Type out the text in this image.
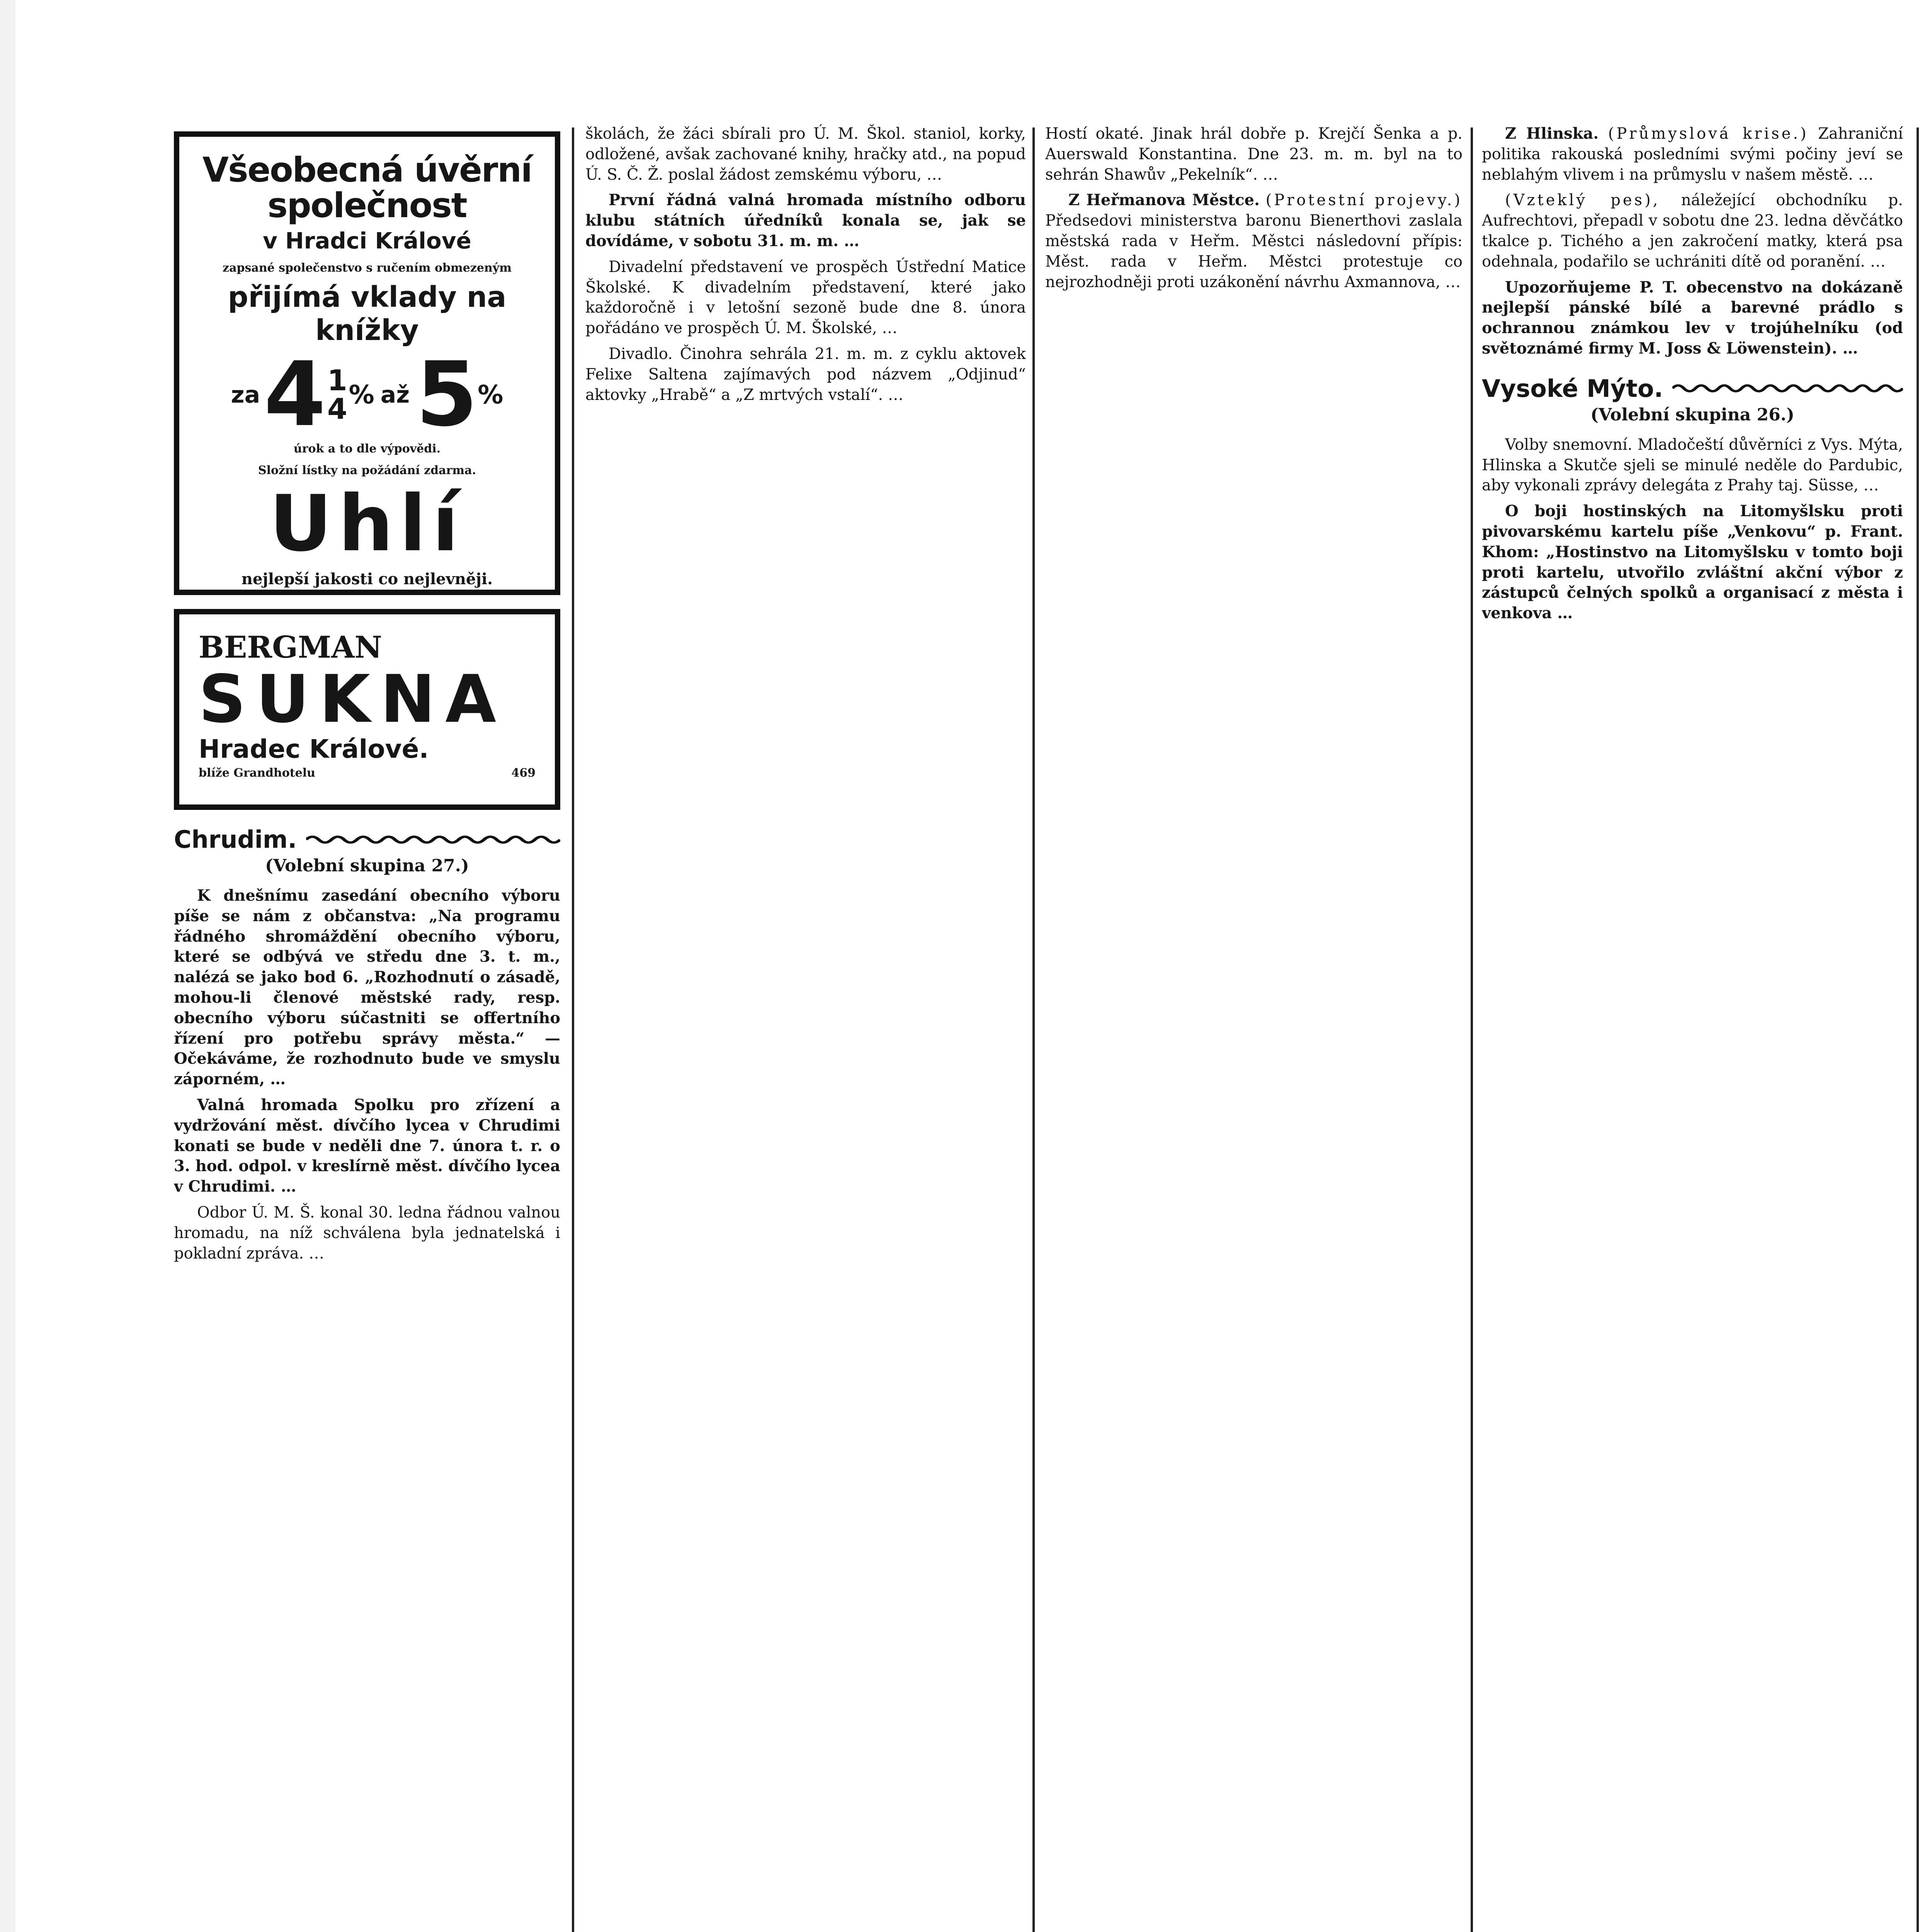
Všeobecná úvěrní společnost
v Hradci Králové
zapsané společenstvo s ručením obmezeným
přijímá vklady na knížky
za 4 1
4 % až 5 %
úrok a to dle výpovědi.
Složní lístky na požádání zdarma.
Uhlí
nejlepší jakosti co nejlevněji.
BERGMAN
SUKNA
Hradec Králové.
blíže Grandhotelu	469
Chrudim.
(Volební skupina 27.)

K dnešnímu zasedání obecního výboru píše se nám z občanstva: „Na programu řádného shromáždění obecního výboru, které se odbývá ve středu dne 3. t. m., nalézá se jako bod 6. „Rozhodnutí o zásadě, mohou-li členové městské rady, resp. obecního výboru súčastniti se offertního řízení pro potřebu správy města.“ — Očekáváme, že rozhodnuto bude ve smyslu záporném, …

Valná hromada Spolku pro zřízení a vydržování měst. dívčího lycea v Chrudimi konati se bude v neděli dne 7. února t. r. o 3. hod. odpol. v kreslírně měst. dívčího lycea v Chrudimi. …

Odbor Ú. M. Š. konal 30. ledna řádnou valnou hromadu, na níž schválena byla jednatelská i pokladní zpráva. …

školách, že žáci sbírali pro Ú. M. Škol. staniol, korky, odložené, avšak zachované knihy, hračky atd., na popud Ú. S. Č. Ž. poslal žádost zemskému výboru, …

První řádná valná hromada místního odboru klubu státních úředníků konala se, jak se dovídáme, v sobotu 31. m. m. …

Divadelní představení ve prospěch Ústřední Matice Školské. K divadelním představení, které jako každoročně i v letošní sezoně bude dne 8. února pořádáno ve prospěch Ú. M. Školské, …

Divadlo. Činohra sehrála 21. m. m. z cyklu aktovek Felixe Saltena zajímavých pod názvem „Odjinud“ aktovky „Hrabě“ a „Z mrtvých vstalí“. …

Hostí okaté. Jinak hrál dobře p. Krejčí Šenka a p. Auerswald Konstantina. Dne 23. m. m. byl na to sehrán Shawův „Pekelník“. …

Z Heřmanova Městce. (Protestní projevy.) Předsedovi ministerstva baronu Bienerthovi zaslala městská rada v Heřm. Městci následovní přípis: Měst. rada v Heřm. Městci protestuje co nejrozhodněji proti uzákonění návrhu Axmannova, …

Z Hlinska. (Průmyslová krise.) Zahraniční politika rakouská posledními svými počiny jeví se neblahým vlivem i na průmyslu v našem městě. …

(Vzteklý pes), náležející obchodníku p. Aufrechtovi, přepadl v sobotu dne 23. ledna děvčátko tkalce p. Tichého a jen zakročení matky, která psa odehnala, podařilo se uchrániti dítě od poranění. …

Upozorňujeme P. T. obecenstvo na dokázaně nejlepší pánské bílé a barevné prádlo s ochrannou známkou lev v trojúhelníku (od světoznámé firmy M. Joss & Löwenstein). …

Vysoké Mýto.
(Volební skupina 26.)

Volby snemovní. Mladočeští důvěrníci z Vys. Mýta, Hlinska a Skutče sjeli se minulé neděle do Pardubic, aby vykonali zprávy delegáta z Prahy taj. Süsse, …

O boji hostinských na Litomyšlsku proti pivovarskému kartelu píše „Venkovu“ p. Frant. Khom: „Hostinstvo na Litomyšlsku v tomto boji proti kartelu, utvořilo zvláštní akční výbor z zástupců čelných spolků a organisací z města i venkova …
